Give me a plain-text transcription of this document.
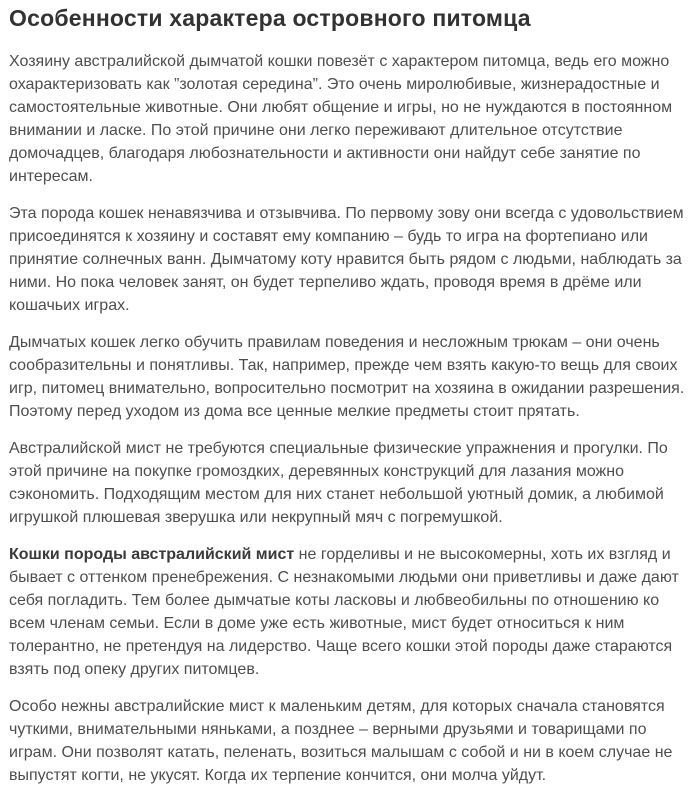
Особенности характера островного питомца

Хозяину австралийской дымчатой кошки повезёт с характером питомца, ведь его можно охарактеризовать как ”золотая середина”. Это очень миролюбивые, жизнерадостные и самостоятельные животные. Они любят общение и игры, но не нуждаются в постоянном внимании и ласке. По этой причине они легко переживают длительное отсутствие домочадцев, благодаря любознательности и активности они найдут себе занятие по интересам.

Эта порода кошек ненавязчива и отзывчива. По первому зову они всегда с удовольствием присоединятся к хозяину и составят ему компанию – будь то игра на фортепиано или принятие солнечных ванн. Дымчатому коту нравится быть рядом с людьми, наблюдать за ними. Но пока человек занят, он будет терпеливо ждать, проводя время в дрёме или кошачьих играх.

Дымчатых кошек легко обучить правилам поведения и несложным трюкам – они очень сообразительны и понятливы. Так, например, прежде чем взять какую-то вещь для своих игр, питомец внимательно, вопросительно посмотрит на хозяина в ожидании разрешения. Поэтому перед уходом из дома все ценные мелкие предметы стоит прятать.

Австралийской мист не требуются специальные физические упражнения и прогулки. По этой причине на покупке громоздких, деревянных конструкций для лазания можно сэкономить. Подходящим местом для них станет небольшой уютный домик, а любимой игрушкой плюшевая зверушка или некрупный мяч с погремушкой.

Кошки породы австралийский мист не горделивы и не высокомерны, хоть их взгляд и бывает с оттенком пренебрежения. С незнакомыми людьми они приветливы и даже дают себя погладить. Тем более дымчатые коты ласковы и любвеобильны по отношению ко всем членам семьи. Если в доме уже есть животные, мист будет относиться к ним толерантно, не претендуя на лидерство. Чаще всего кошки этой породы даже стараются взять под опеку других питомцев.

Особо нежны австралийские мист к маленьким детям, для которых сначала становятся чуткими, внимательными няньками, а позднее – верными друзьями и товарищами по играм. Они позволят катать, пеленать, возиться малышам с собой и ни в коем случае не выпустят когти, не укусят. Когда их терпение кончится, они молча уйдут.
